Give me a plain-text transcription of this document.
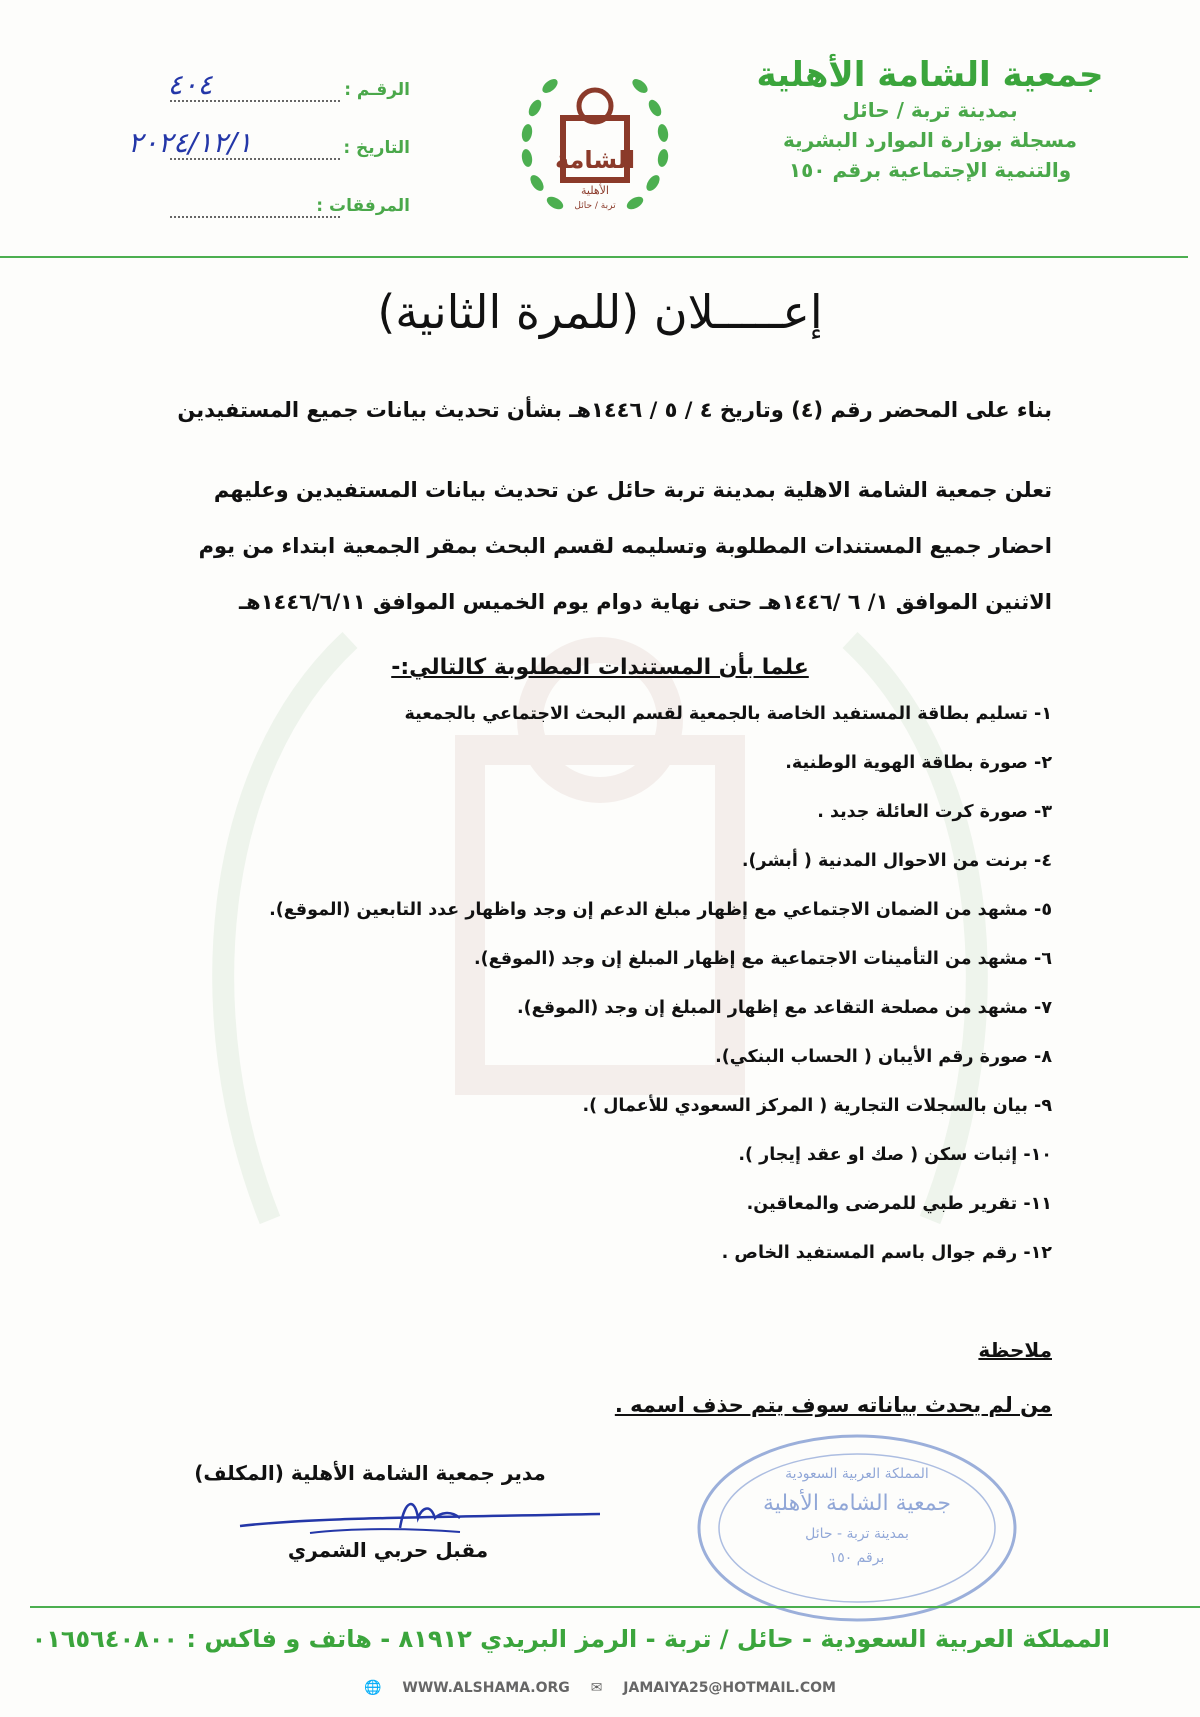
جمعية الشامة الأهلية
بمدينة تربة / حائل
مسجلة بوزارة الموارد البشرية
والتنمية الإجتماعية برقم ١٥٠
الشامة
الأهلية
تربة / حائل
الرقـم :
٤٠٤
التاريخ :
٢٠٢٤/١٢/١
المرفقات :
إعـــــلان (للمرة الثانية)
بناء على المحضر رقم (٤) وتاريخ ٤ / ٥ / ١٤٤٦هـ بشأن تحديث بيانات جميع المستفيدين
تعلن جمعية الشامة الاهلية بمدينة تربة حائل عن تحديث بيانات المستفيدين وعليهم
احضار جميع المستندات المطلوبة وتسليمه لقسم البحث بمقر الجمعية ابتداء من يوم
الاثنين الموافق ١/ ٦ /١٤٤٦هـ حتى نهاية دوام يوم الخميس الموافق ١٤٤٦/٦/١١هـ
علما بأن المستندات المطلوبة كالتالي:-
١- تسليم بطاقة المستفيد الخاصة بالجمعية لقسم البحث الاجتماعي بالجمعية
٢- صورة بطاقة الهوية الوطنية.
٣- صورة كرت العائلة جديد .
٤- برنت من الاحوال المدنية ( أبشر).
٥- مشهد من الضمان الاجتماعي مع إظهار مبلغ الدعم إن وجد واظهار عدد التابعين (الموقع).
٦- مشهد من التأمينات الاجتماعية مع إظهار المبلغ إن وجد (الموقع).
٧- مشهد من مصلحة التقاعد مع إظهار المبلغ إن وجد (الموقع).
٨- صورة رقم الأيبان ( الحساب البنكي).
٩- بيان بالسجلات التجارية ( المركز السعودي للأعمال ).
١٠- إثبات سكن ( صك او عقد إيجار ).
١١- تقرير طبي للمرضى والمعاقين.
١٢- رقم جوال باسم المستفيد الخاص .
ملاحظة
من لم يحدث بياناته سوف يتم حذف اسمه .
المملكة العربية السعودية
جمعية الشامة الأهلية
بمدينة تربة - حائل
برقم ١٥٠
مدير جمعية الشامة الأهلية (المكلف)
مقبل حربي الشمري
المملكة العربية السعودية - حائل / تربة - الرمز البريدي ٨١٩١٢ - هاتف و فاكس : ٠١٦٥٦٤٠٨٠٠
🌐 WWW.ALSHAMA.ORG ✉ JAMAIYA25@HOTMAIL.COM
